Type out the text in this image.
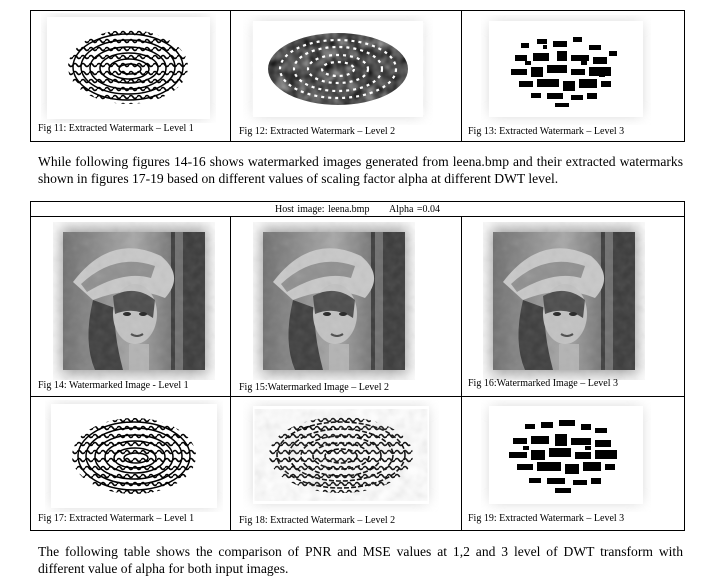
Fig 11: Extracted Watermark – Level 1	Fig 12: Extracted Watermark – Level 2	Fig 13: Extracted Watermark – Level 3
While following figures 14-16 shows watermarked images generated from leena.bmp and their extracted watermarks shown in figures 17-19 based on different values of scaling factor alpha at different DWT level.
Host image: leena.bmp Alpha =0.04
Fig 14: Watermarked Image - Level 1	Fig 15:Watermarked Image – Level 2	Fig 16:Watermarked Image – Level 3
Fig 17: Extracted Watermark – Level 1	Fig 18: Extracted Watermark – Level 2	Fig 19: Extracted Watermark – Level 3
The following table shows the comparison of PNR and MSE values at 1,2 and 3 level of DWT transform with different value of alpha for both input images.
